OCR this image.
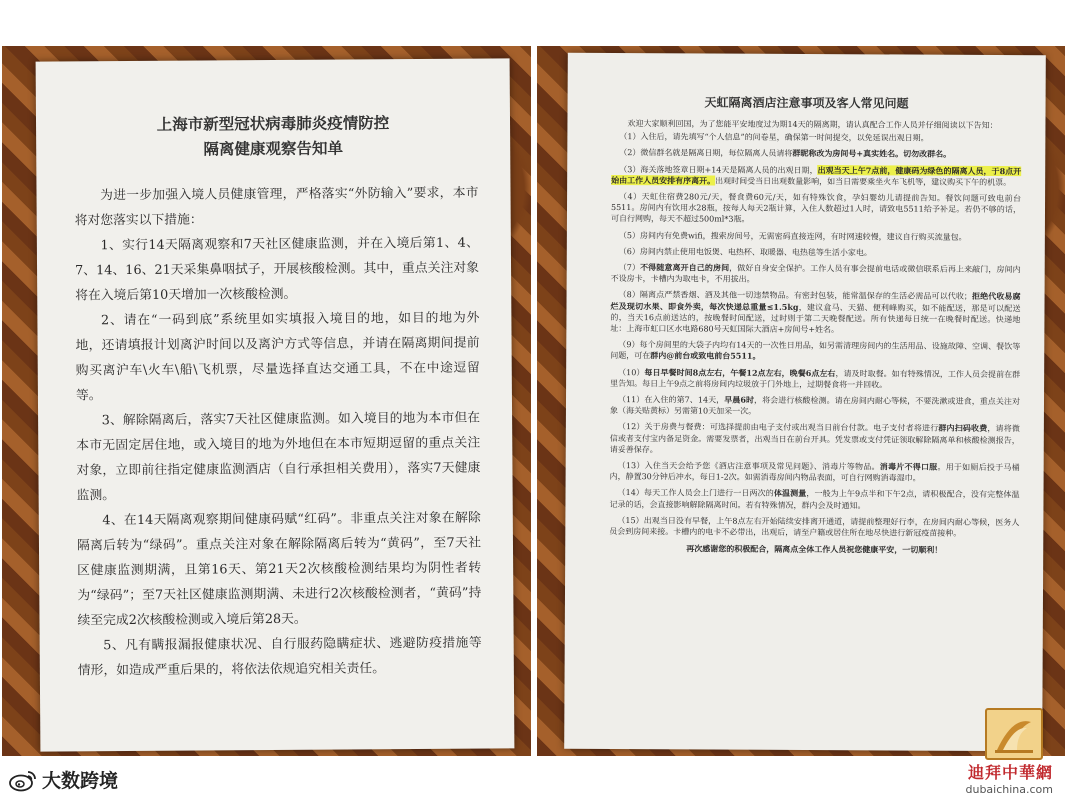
上海市新型冠状病毒肺炎疫情防控
隔离健康观察告知单

为进一步加强入境人员健康管理，严格落实“外防输入”要求，本市将对您落实以下措施：

1、实行14天隔离观察和7天社区健康监测，并在入境后第1、4、7、14、16、21天采集鼻咽拭子，开展核酸检测。其中，重点关注对象将在入境后第10天增加一次核酸检测。

2、请在“一码到底”系统里如实填报入境目的地，如目的地为外地，还请填报计划离沪时间以及离沪方式等信息，并请在隔离期间提前购买离沪车\火车\船\飞机票，尽量选择直达交通工具，不在中途逗留等。

3、解除隔离后，落实7天社区健康监测。如入境目的地为本市但在本市无固定居住地，或入境目的地为外地但在本市短期逗留的重点关注对象，立即前往指定健康监测酒店（自行承担相关费用），落实7天健康监测。

4、在14天隔离观察期间健康码赋“红码”。非重点关注对象在解除隔离后转为“绿码”。重点关注对象在解除隔离后转为“黄码”，至7天社区健康监测期满，且第16天、第21天2次核酸检测结果均为阴性者转为“绿码”；至7天社区健康监测期满、未进行2次核酸检测者，“黄码”持续至完成2次核酸检测或入境后第28天。

5、凡有瞒报漏报健康状况、自行服药隐瞒症状、逃避防疫措施等情形，如造成严重后果的，将依法依规追究相关责任。

天虹隔离酒店注意事项及客人常见问题

欢迎大家顺利回国，为了您能平安地度过为期14天的隔离期，请认真配合工作人员并仔细阅读以下告知：

（1）入住后，请先填写“个人信息”的问卷星，确保第一时间提交，以免延误出观日期。

（2）微信群名就是隔离日期，每位隔离人员请将群昵称改为房间号+真实姓名。切勿改群名。

（3）海关落地签章日期+14天是隔离人员的出观日期，出观当天上午7点前，健康码为绿色的隔离人员，于8点开始由工作人员安排有序离开。出观时间受当日出观数量影响，如当日需要乘坐火车飞机等，建议购买下午的机票。

（4）天虹住宿费280元/天，餐食费60元/天，如有特殊饮食，孕妇婴幼儿请提前告知。餐饮问题可致电前台5511。房间内有饮用水28瓶，按每人每天2瓶计算，入住人数超过1人时，请致电5511给予补足。若仍不够的话，可自行网购，每天不超过500ml*3瓶。

（5）房间内有免费wifi，搜索房间号，无需密码直接连网，有时网速较慢，建议自行购买流量包。

（6）房间内禁止使用电饭煲、电热杯、取暖器、电热毯等生活小家电。

（7）不得随意离开自己的房间，做好自身安全保护。工作人员有事会提前电话或微信联系后再上来敲门，房间内不设房卡，卡槽内为取电卡，不用拔出。

（8）隔离点严禁香烟、酒及其他一切违禁物品。有密封包装，能常温保存的生活必需品可以代收；拒绝代收易腐烂及现切水果、即食外卖，每次快递总重量≤1.5kg，建议盒马、天猫、便利峰购买，如不能配送，那是可以配送的，当天16点前送达的，按晚餐时间配送，过时则于第二天晚餐配送。所有快递每日统一在晚餐时配送。快递地址：上海市虹口区水电路680号天虹国际大酒店+房间号+姓名。

（9）每个房间里的大袋子内均有14天的一次性日用品，如另需清理房间内的生活用品、设施故障、空调、餐饮等问题，可在群内@前台或致电前台5511。

（10）每日早餐时间8点左右，午餐12点左右，晚餐6点左右，请及时取餐。如有特殊情况，工作人员会提前在群里告知。每日上午9点之前将房间内垃圾放于门外地上，过期餐食将一并回收。

（11）在入住的第7、14天，早晨6时，将会进行核酸检测。请在房间内耐心等候，不要洗漱或进食，重点关注对象（海关贴黄标）另需第10天加采一次。

（12）关于房费与餐费：可选择提前由电子支付或出观当日前台付款。电子支付者将进行群内扫码收费，请将微信或者支付宝内备足资金。需要发票者，出观当日在前台开具。凭发票或支付凭证领取解除隔离单和核酸检测报告，请妥善保存。

（13）入住当天会给予您《酒店注意事项及常见问题》、消毒片等物品。消毒片不得口服。用于如厕后投于马桶内，静置30分钟后冲水，每日1-2次。如需消毒房间内物品表面，可自行网购消毒湿巾。

（14）每天工作人员会上门进行一日两次的体温测量，一般为上午9点半和下午2点，请积极配合，没有完整体温记录的话，会直接影响解除隔离时间。若有特殊情况，群内会及时通知。

（15）出观当日没有早餐，上午8点左右开始陆续安排离开通道，请提前整理好行李，在房间内耐心等候，医务人员会到房间来接。卡槽内的电卡不必带出，出观后，请至户籍或居住所在地尽快进行新冠疫苗接种。

再次感谢您的积极配合，隔离点全体工作人员祝您健康平安，一切顺利！

大数跨境	迪拜中華網
dubaichina.com
